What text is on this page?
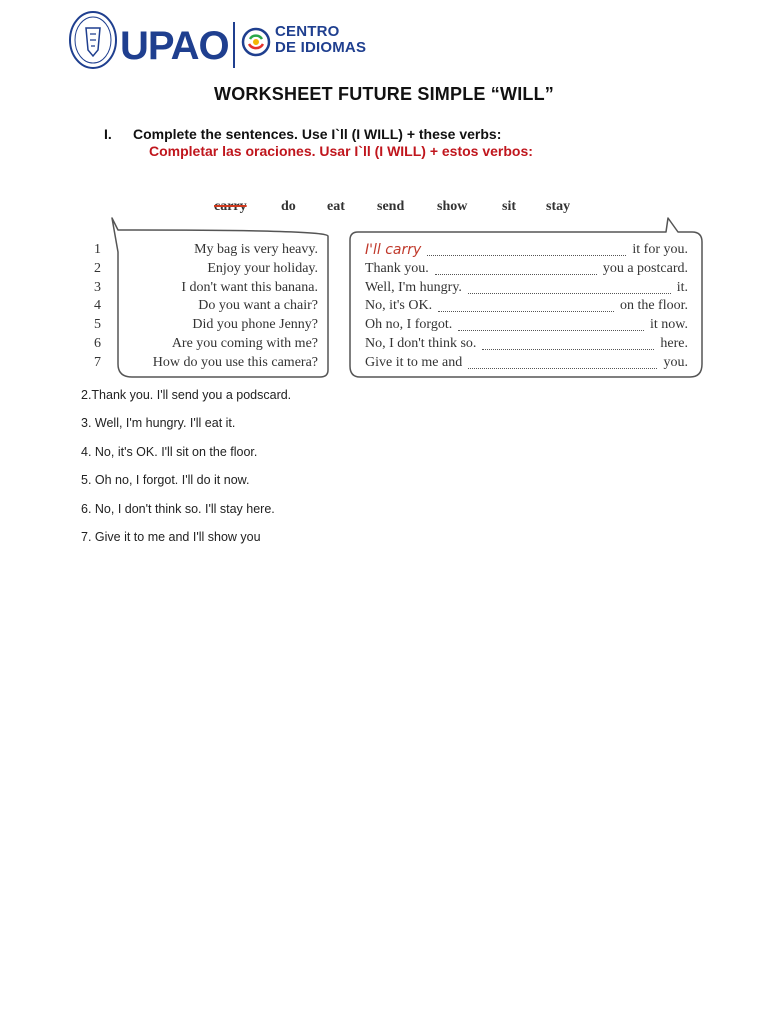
UPAO	CENTRO
DE IDIOMAS
WORKSHEET FUTURE SIMPLE “WILL”
I. Complete the sentences. Use I`ll (I WILL) + these verbs:
Completar las oraciones. Usar I`ll (I WILL) + estos verbos:
carry do eat send show sit stay
1	My bag is very heavy.	I'll carry	it for you.
2	Enjoy your holiday.	Thank you.	you a postcard.
3	I don't want this banana.	Well, I'm hungry.	it.
4	Do you want a chair?	No, it's OK.	on the floor.
5	Did you phone Jenny?	Oh no, I forgot.	it now.
6	Are you coming with me?	No, I don't think so.	here.
7	How do you use this camera?	Give it to me and	you.
2.Thank you. I'll send you a podscard.
3. Well, I'm hungry. I'll eat it.
4. No, it's OK. I'll sit on the floor.
5. Oh no, I forgot. I'll do it now.
6. No, I don't think so. I'll stay here.
7. Give it to me and I'll show you
